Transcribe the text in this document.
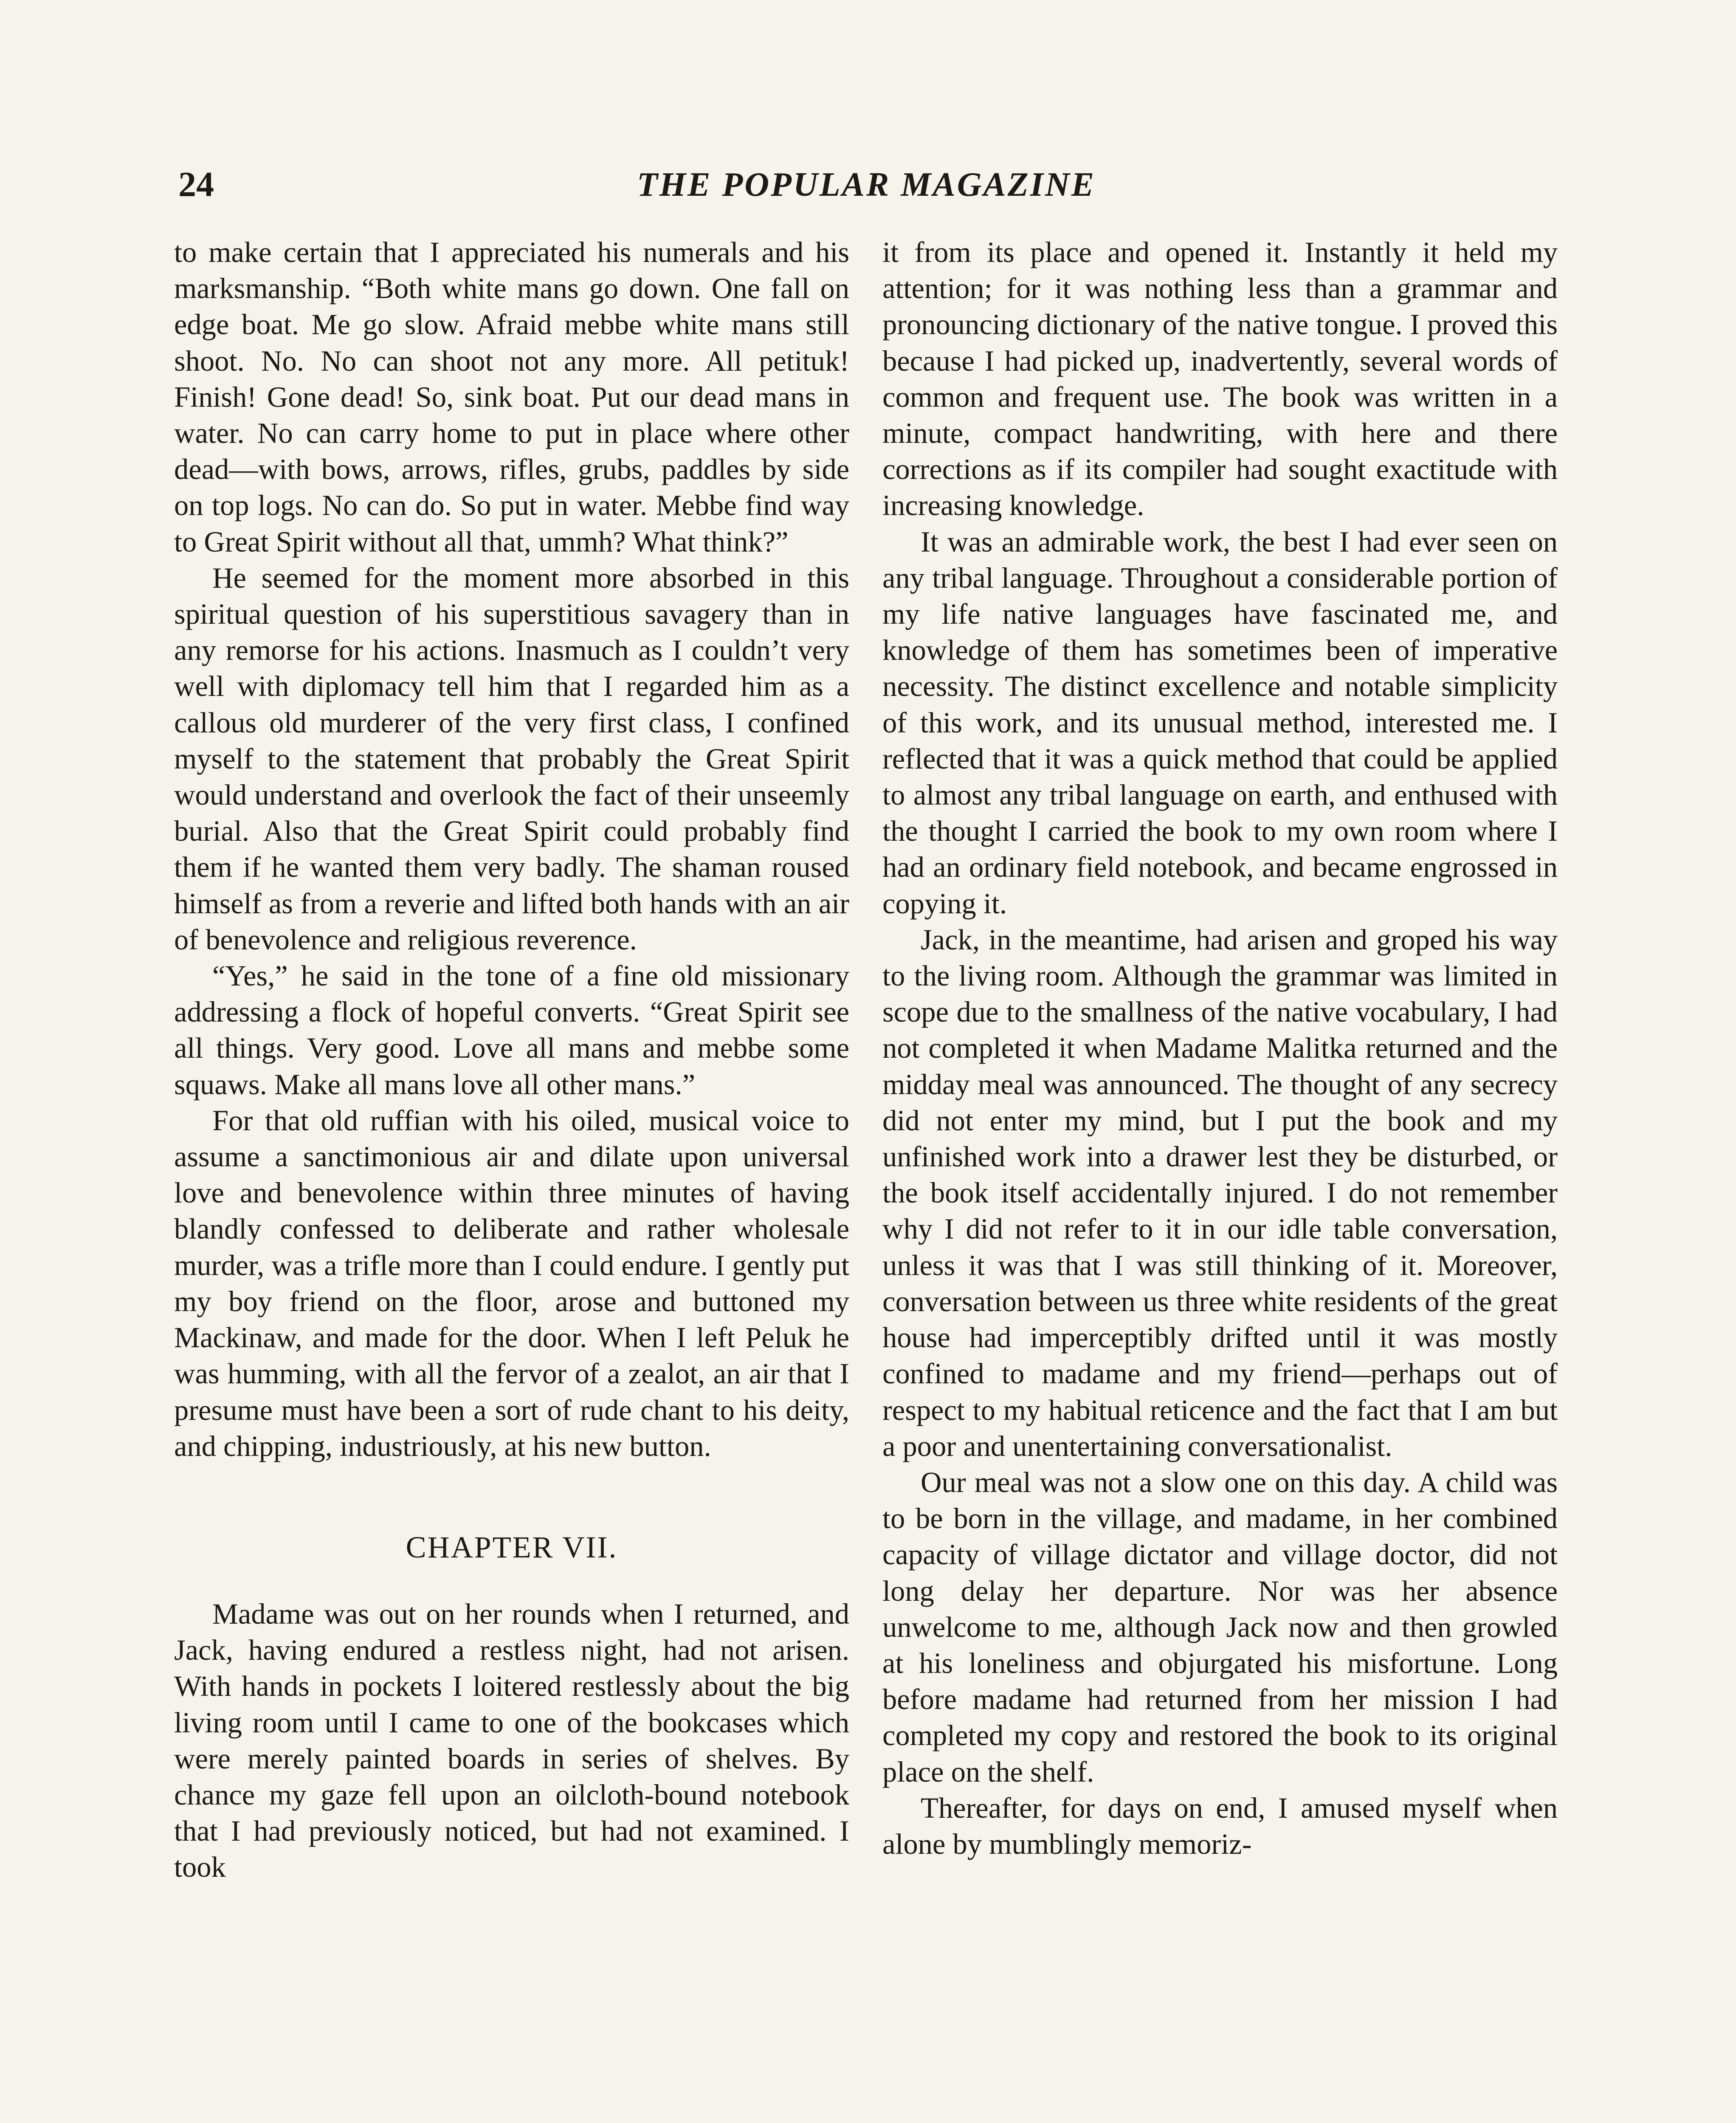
24	THE POPULAR MAGAZINE

to make certain that I appreciated his numerals and his marksmanship. “Both white mans go down. One fall on edge boat. Me go slow. Afraid mebbe white mans still shoot. No. No can shoot not any more. All petituk! Finish! Gone dead! So, sink boat. Put our dead mans in water. No can carry home to put in place where other dead—with bows, arrows, rifles, grubs, paddles by side on top logs. No can do. So put in water. Mebbe find way to Great Spirit without all that, ummh? What think?”

He seemed for the moment more absorbed in this spiritual question of his superstitious savagery than in any remorse for his actions. Inasmuch as I couldn’t very well with diplomacy tell him that I regarded him as a callous old murderer of the very first class, I confined myself to the statement that probably the Great Spirit would understand and overlook the fact of their unseemly burial. Also that the Great Spirit could probably find them if he wanted them very badly. The shaman roused himself as from a reverie and lifted both hands with an air of benevolence and religious reverence.

“Yes,” he said in the tone of a fine old missionary addressing a flock of hopeful converts. “Great Spirit see all things. Very good. Love all mans and mebbe some squaws. Make all mans love all other mans.”

For that old ruffian with his oiled, musical voice to assume a sanctimonious air and dilate upon universal love and benevolence within three minutes of having blandly confessed to deliberate and rather wholesale murder, was a trifle more than I could endure. I gently put my boy friend on the floor, arose and buttoned my Mackinaw, and made for the door. When I left Peluk he was humming, with all the fervor of a zealot, an air that I presume must have been a sort of rude chant to his deity, and chipping, industriously, at his new button.

CHAPTER VII.

Madame was out on her rounds when I returned, and Jack, having endured a restless night, had not arisen. With hands in pockets I loitered restlessly about the big living room until I came to one of the bookcases which were merely painted boards in series of shelves. By chance my gaze fell upon an oilcloth-bound notebook that I had previously noticed, but had not examined. I took

it from its place and opened it. Instantly it held my attention; for it was nothing less than a grammar and pronouncing dictionary of the native tongue. I proved this because I had picked up, inadvertently, several words of common and frequent use. The book was written in a minute, compact handwriting, with here and there corrections as if its compiler had sought exactitude with increasing knowledge.

It was an admirable work, the best I had ever seen on any tribal language. Throughout a considerable portion of my life native languages have fascinated me, and knowledge of them has sometimes been of imperative necessity. The distinct excellence and notable simplicity of this work, and its unusual method, interested me. I reflected that it was a quick method that could be applied to almost any tribal language on earth, and enthused with the thought I carried the book to my own room where I had an ordinary field notebook, and became engrossed in copying it.

Jack, in the meantime, had arisen and groped his way to the living room. Although the grammar was limited in scope due to the smallness of the native vocabulary, I had not completed it when Madame Malitka returned and the midday meal was announced. The thought of any secrecy did not enter my mind, but I put the book and my unfinished work into a drawer lest they be disturbed, or the book itself accidentally injured. I do not remember why I did not refer to it in our idle table conversation, unless it was that I was still thinking of it. Moreover, conversation between us three white residents of the great house had imperceptibly drifted until it was mostly confined to madame and my friend—perhaps out of respect to my habitual reticence and the fact that I am but a poor and unentertaining conversationalist.

Our meal was not a slow one on this day. A child was to be born in the village, and madame, in her combined capacity of village dictator and village doctor, did not long delay her departure. Nor was her absence unwelcome to me, although Jack now and then growled at his loneliness and objurgated his misfortune. Long before madame had returned from her mission I had completed my copy and restored the book to its original place on the shelf.

Thereafter, for days on end, I amused myself when alone by mumblingly memoriz-
